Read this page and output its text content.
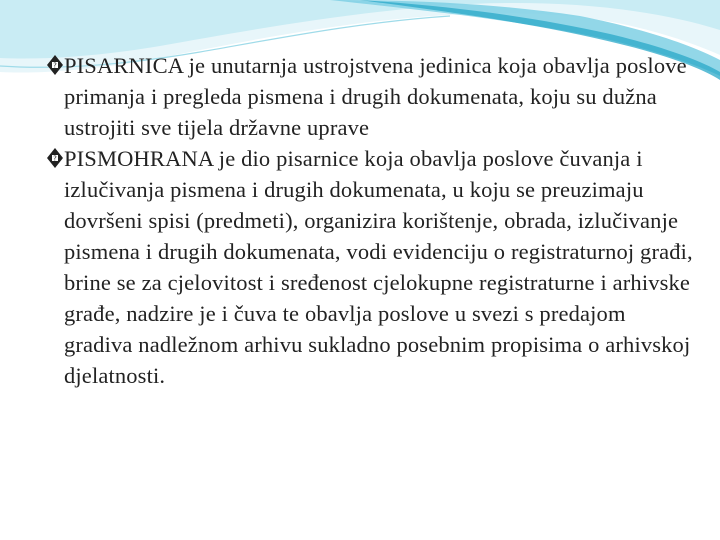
? PISARNICA je unutarnja ustrojstvena jedinica koja obavlja poslove primanja i pregleda pismena i drugih dokumenata, koju su dužna ustrojiti sve tijela državne uprave

? PISMOHRANA je dio pisarnice koja obavlja poslove čuvanja i izlučivanja pismena i drugih dokumenata, u koju se preuzimaju dovršeni spisi (predmeti), organizira korištenje, obrada, izlučivanje pismena i drugih dokumenata, vodi evidenciju o registraturnoj građi, brine se za cjelovitost i sređenost cjelokupne registraturne i arhivske građe, nadzire je i čuva te obavlja poslove u svezi s predajom gradiva nadležnom arhivu sukladno posebnim propisima o arhivskoj djelatnosti.
